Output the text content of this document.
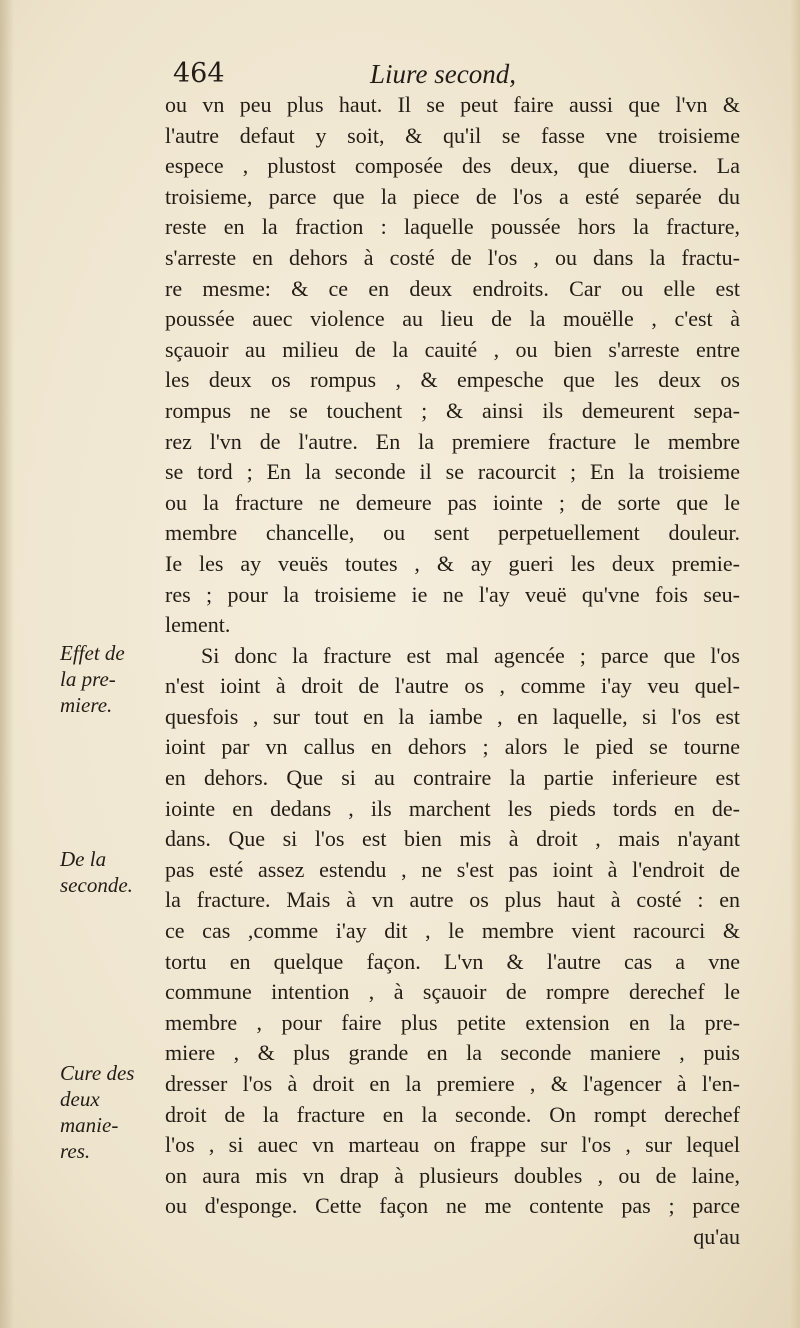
464	Liure second,
ou vn peu plus haut. Il se peut faire aussi que l'vn &
l'autre defaut y soit, & qu'il se fasse vne troisieme
espece , plustost composée des deux, que diuerse. La
troisieme, parce que la piece de l'os a esté separée du
reste en la fraction : laquelle poussée hors la fracture,
s'arreste en dehors à costé de l'os , ou dans la fractu-
re mesme: & ce en deux endroits. Car ou elle est
poussée auec violence au lieu de la mouëlle , c'est à
sçauoir au milieu de la cauité , ou bien s'arreste entre
les deux os rompus , & empesche que les deux os
rompus ne se touchent ; & ainsi ils demeurent sepa-
rez l'vn de l'autre. En la premiere fracture le membre
se tord ; En la seconde il se racourcit ; En la troisieme
ou la fracture ne demeure pas iointe ; de sorte que le
membre chancelle, ou sent perpetuellement douleur.
Ie les ay veuës toutes , & ay gueri les deux premie-
res ; pour la troisieme ie ne l'ay veuë qu'vne fois seu-
lement.
Si donc la fracture est mal agencée ; parce que l'os
n'est ioint à droit de l'autre os , comme i'ay veu quel-
quesfois , sur tout en la iambe , en laquelle, si l'os est
ioint par vn callus en dehors ; alors le pied se tourne
en dehors. Que si au contraire la partie inferieure est
iointe en dedans , ils marchent les pieds tords en de-
dans. Que si l'os est bien mis à droit , mais n'ayant
pas esté assez estendu , ne s'est pas ioint à l'endroit de
la fracture. Mais à vn autre os plus haut à costé : en
ce cas ,comme i'ay dit , le membre vient racourci &
tortu en quelque façon. L'vn & l'autre cas a vne
commune intention , à sçauoir de rompre derechef le
membre , pour faire plus petite extension en la pre-
miere , & plus grande en la seconde maniere , puis
dresser l'os à droit en la premiere , & l'agencer à l'en-
droit de la fracture en la seconde. On rompt derechef
l'os , si auec vn marteau on frappe sur l'os , sur lequel
on aura mis vn drap à plusieurs doubles , ou de laine,
ou d'esponge. Cette façon ne me contente pas ; parce
qu'au
Effet de
la pre-
miere.
De la
seconde.
Cure des
deux
manie-
res.
